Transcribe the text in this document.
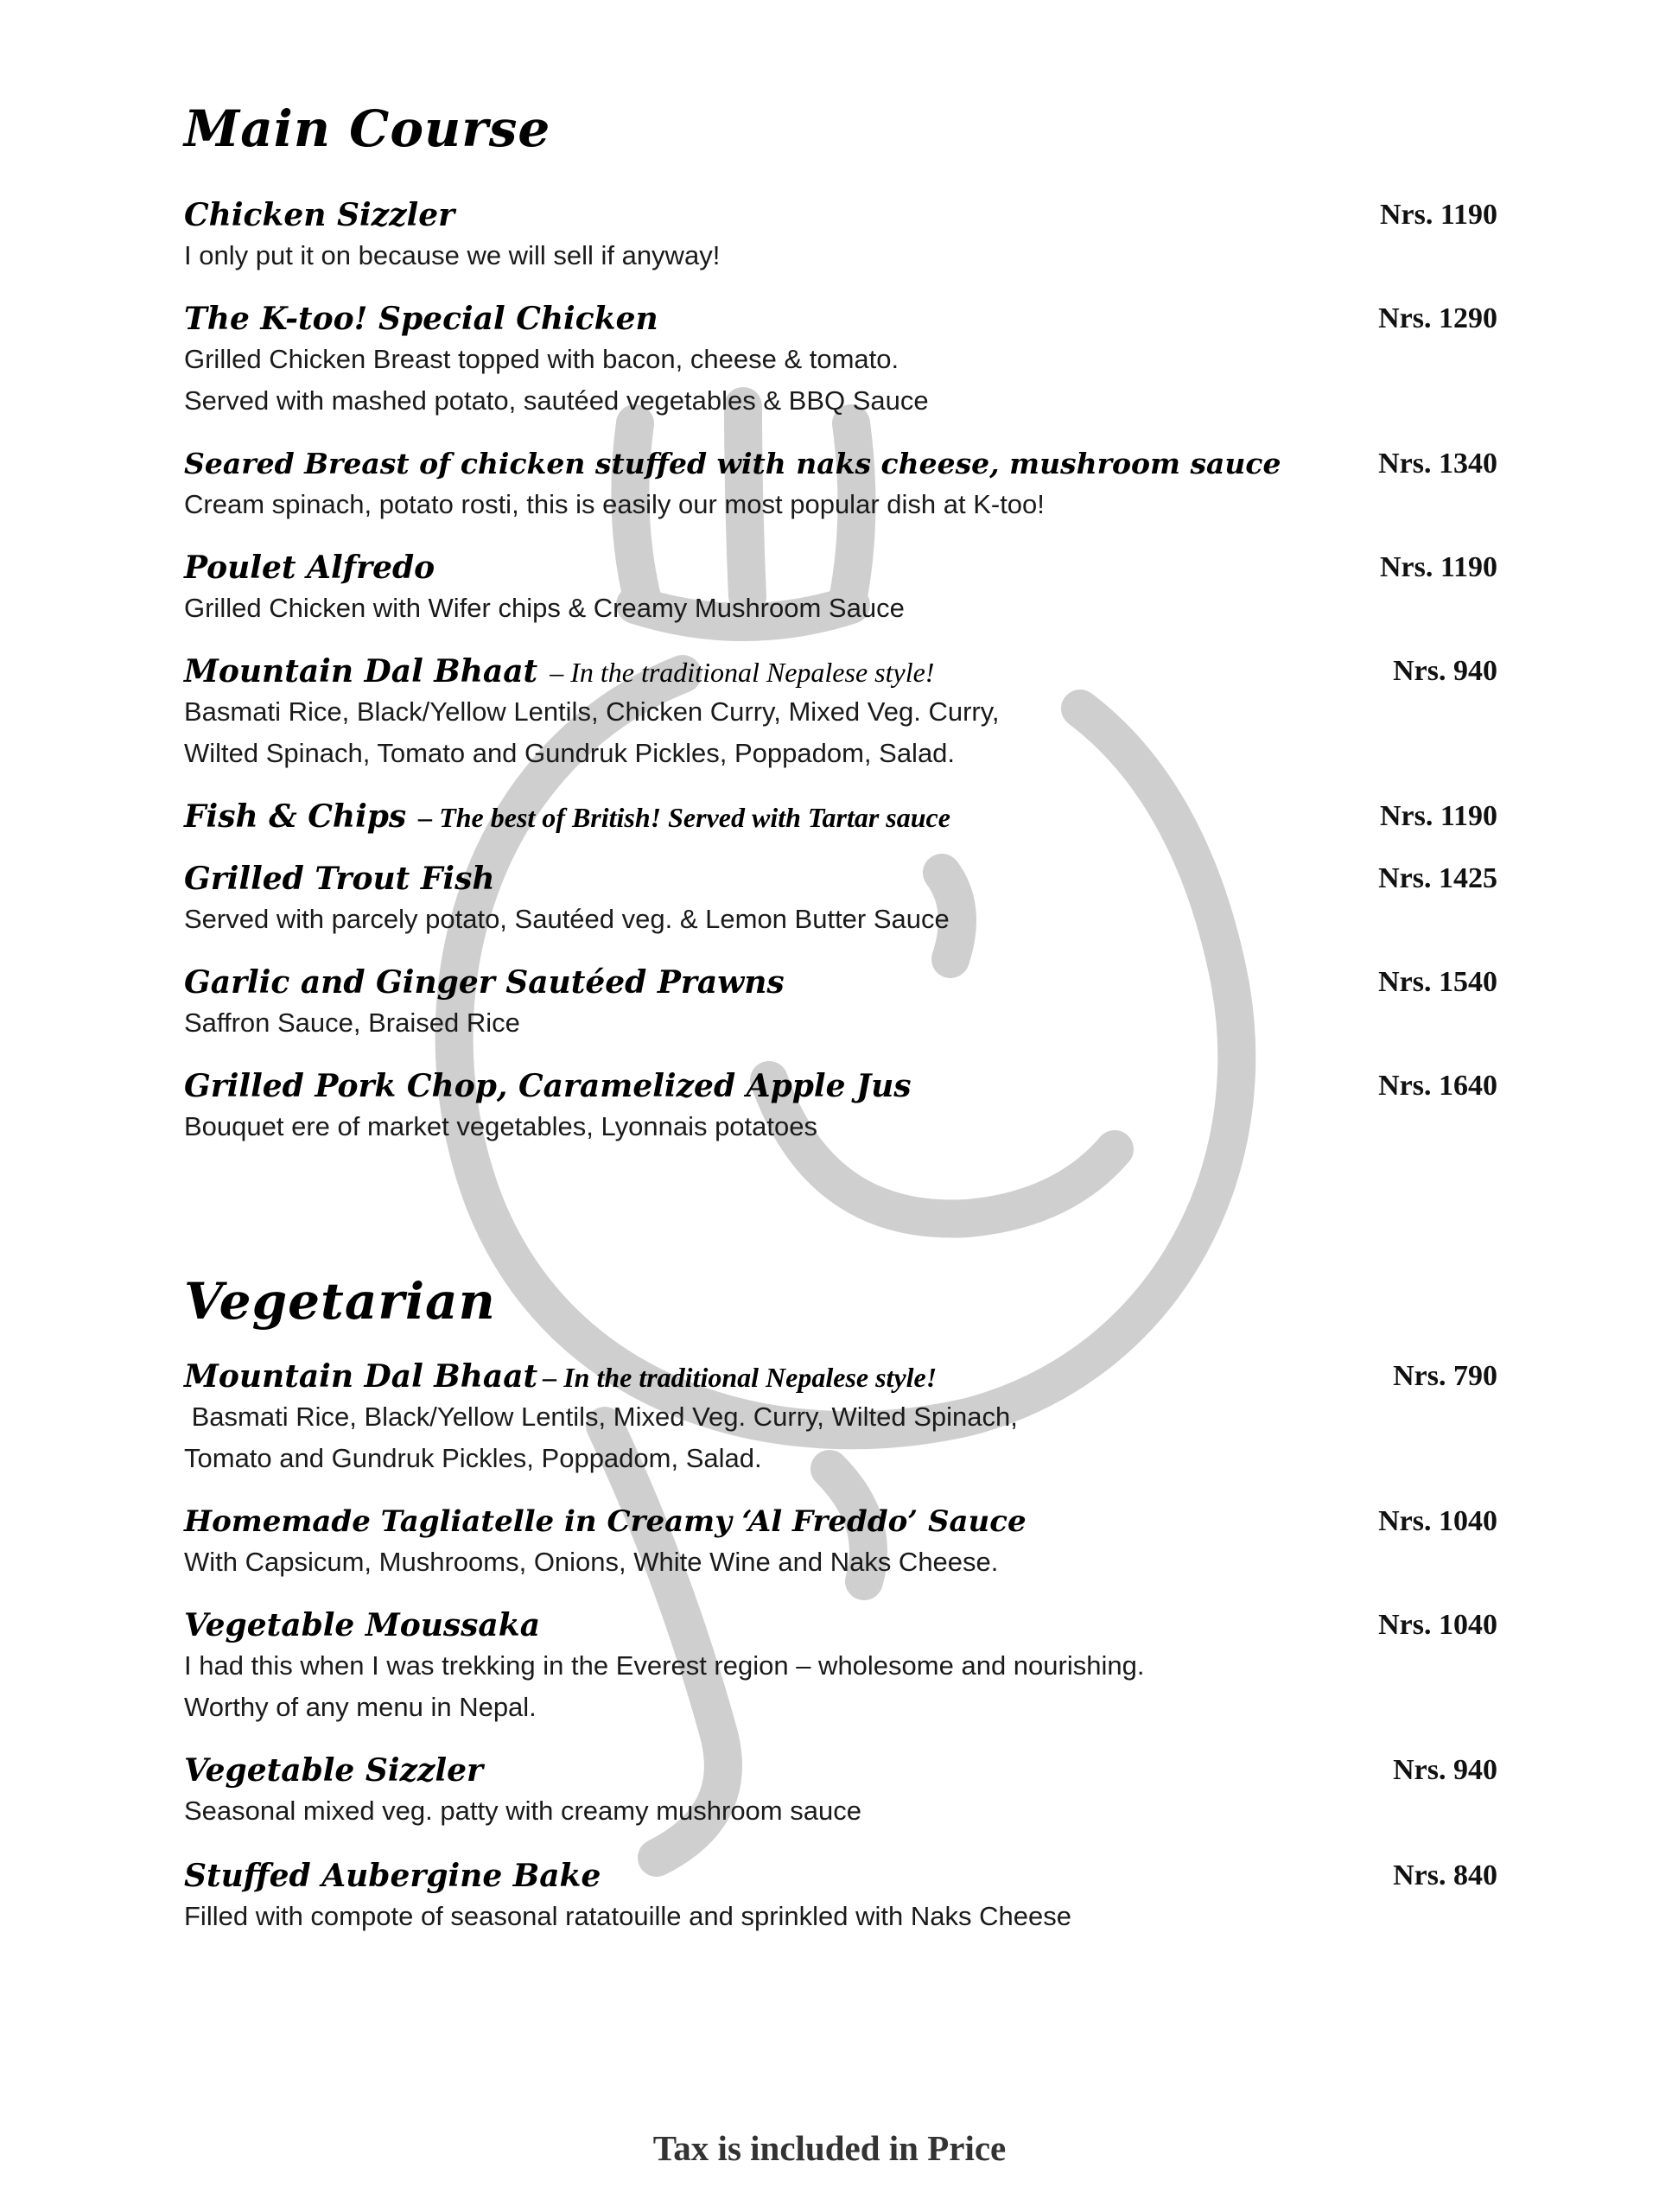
Main Course
Chicken Sizzler	Nrs. 1190
I only put it on because we will sell if anyway!
The K-too! Special Chicken	Nrs. 1290
Grilled Chicken Breast topped with bacon, cheese & tomato.
Served with mashed potato, sautéed vegetables & BBQ Sauce
Seared Breast of chicken stuffed with naks cheese, mushroom sauce	Nrs. 1340
Cream spinach, potato rosti, this is easily our most popular dish at K-too!
Poulet Alfredo	Nrs. 1190
Grilled Chicken with Wifer chips & Creamy Mushroom Sauce
Mountain Dal Bhaat – In the traditional Nepalese style!	Nrs. 940
Basmati Rice, Black/Yellow Lentils, Chicken Curry, Mixed Veg. Curry,
Wilted Spinach, Tomato and Gundruk Pickles, Poppadom, Salad.
Fish & Chips – The best of British! Served with Tartar sauce	Nrs. 1190
Grilled Trout Fish	Nrs. 1425
Served with parcely potato, Sautéed veg. & Lemon Butter Sauce
Garlic and Ginger Sautéed Prawns	Nrs. 1540
Saffron Sauce, Braised Rice
Grilled Pork Chop, Caramelized Apple Jus	Nrs. 1640
Bouquet ere of market vegetables, Lyonnais potatoes
Vegetarian
Mountain Dal Bhaat – In the traditional Nepalese style!	Nrs. 790
Basmati Rice, Black/Yellow Lentils, Mixed Veg. Curry, Wilted Spinach,
Tomato and Gundruk Pickles, Poppadom, Salad.
Homemade Tagliatelle in Creamy ‘Al Freddo’ Sauce	Nrs. 1040
With Capsicum, Mushrooms, Onions, White Wine and Naks Cheese.
Vegetable Moussaka	Nrs. 1040
I had this when I was trekking in the Everest region – wholesome and nourishing.
Worthy of any menu in Nepal.
Vegetable Sizzler	Nrs. 940
Seasonal mixed veg. patty with creamy mushroom sauce
Stuffed Aubergine Bake	Nrs. 840
Filled with compote of seasonal ratatouille and sprinkled with Naks Cheese
Tax is included in Price
